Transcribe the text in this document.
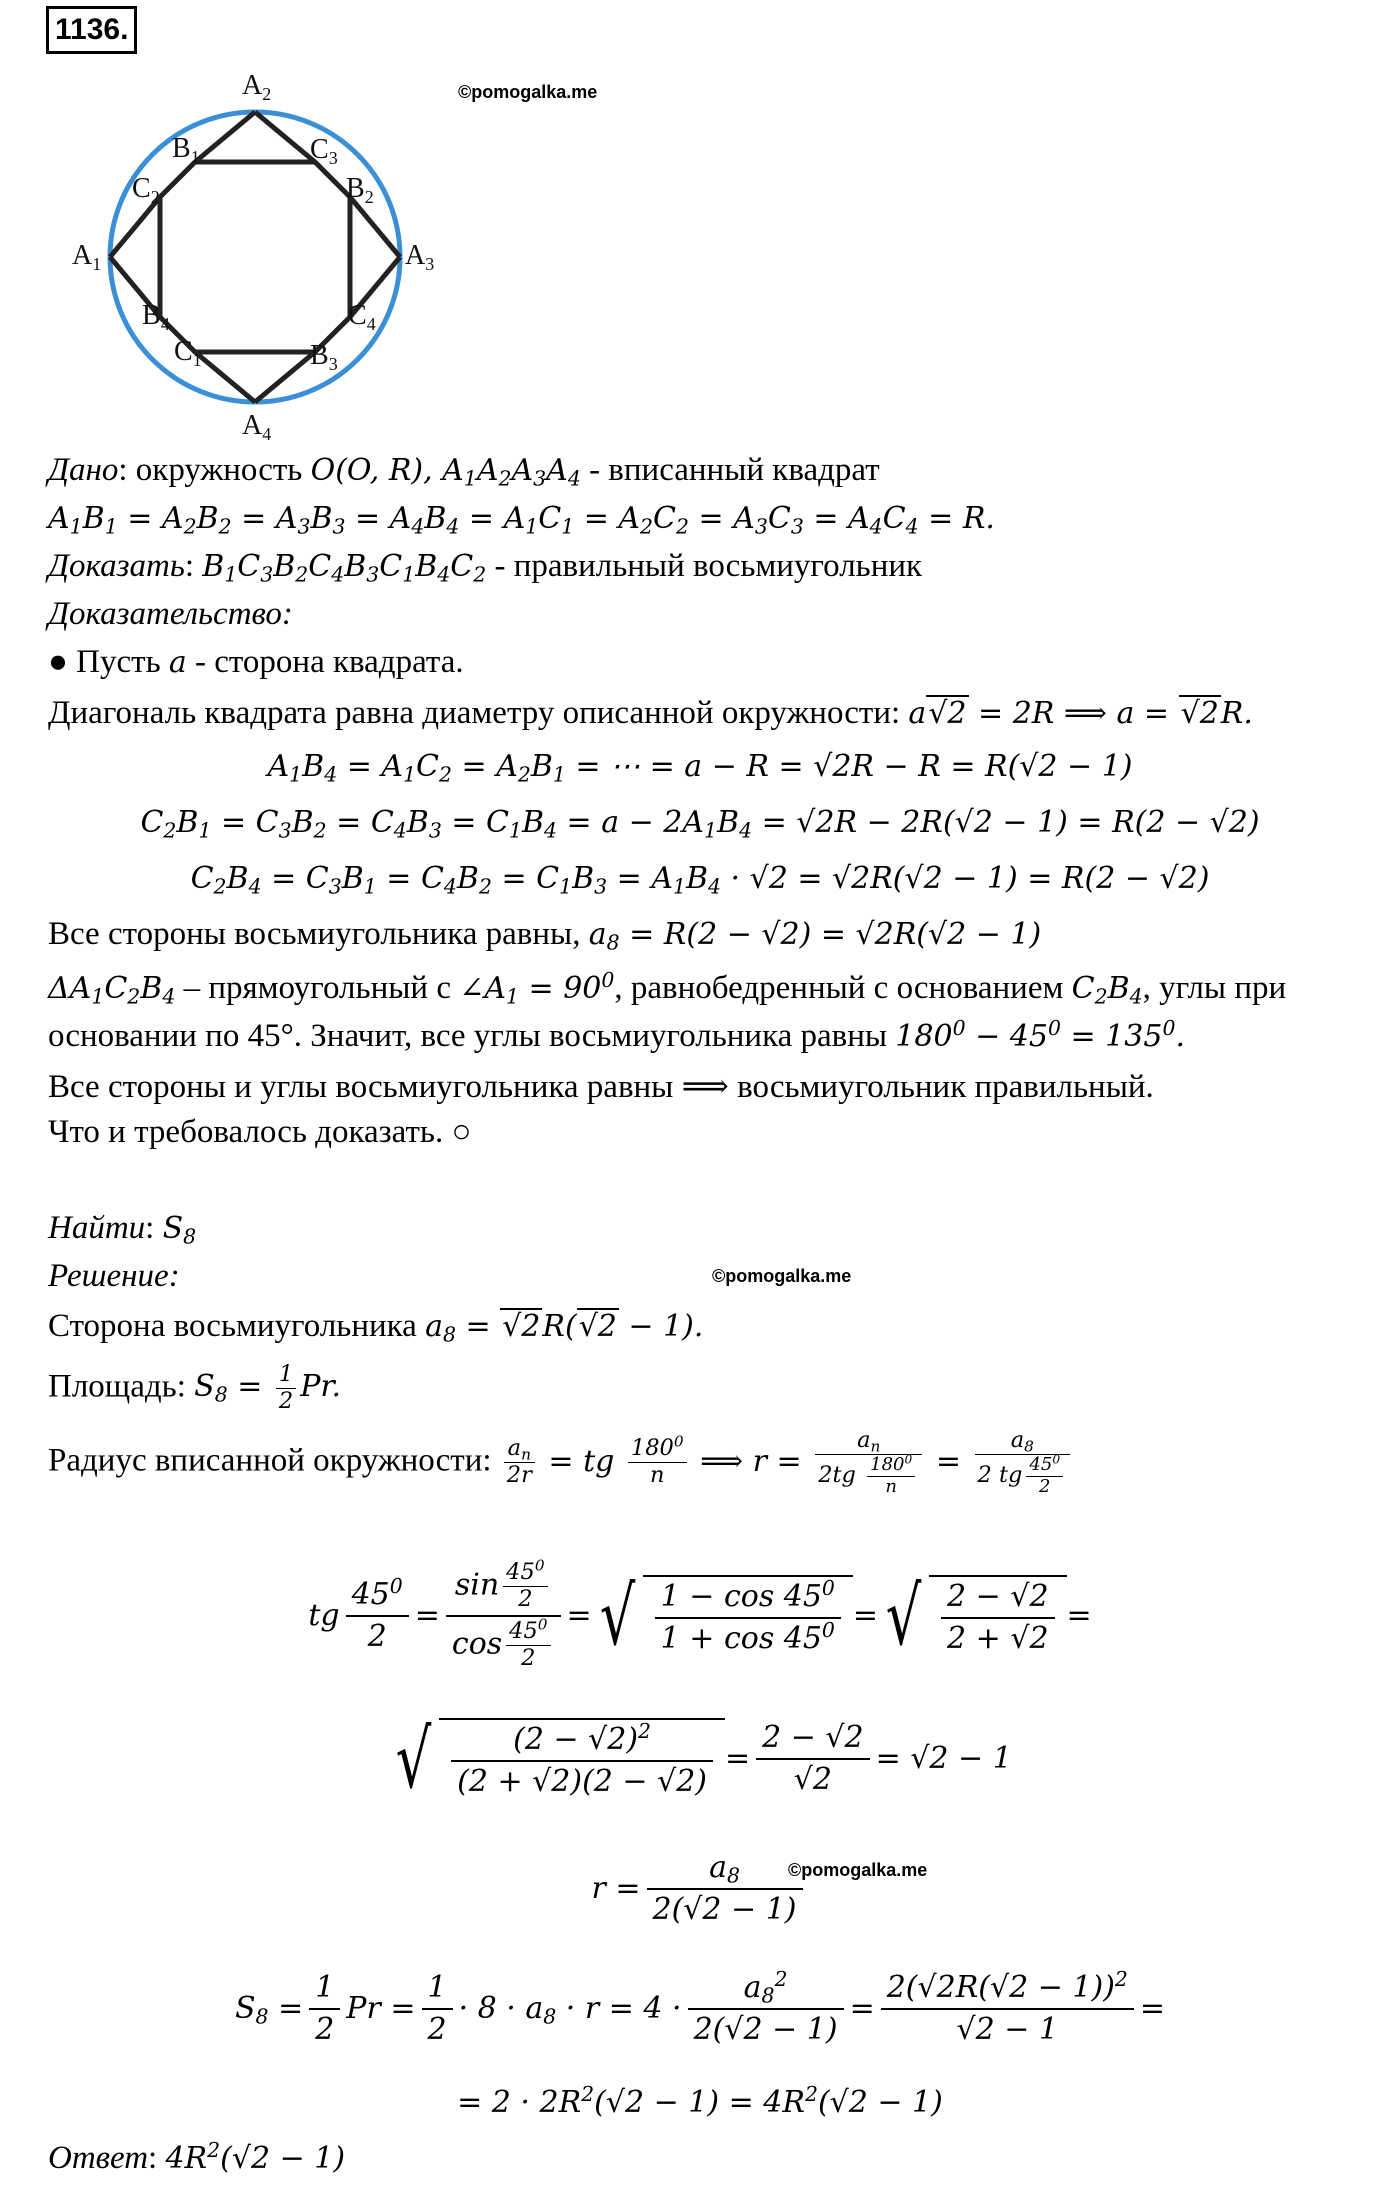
1136.
©pomogalka.me
$A_2$
$A_3$
$A_4$
$A_1$
$B_1$
$B_2$
$B_3$
$B_4$
$C_1$
$C_2$
$C_3$
$C_4$
Дано: окружность O(O, R), $A_1A_2A_3A_4$ - вписанный квадрат
$A_1B_1 = A_2B_2 = A_3B_3 = A_4B_4 = A_1C_1 = A_2C_2 = A_3C_3 = A_4C_4 = R$.
Доказать: $B_1C_3B_2C_4B_3C_1B_4C_2$ - правильный восьмиугольник
Доказательство:
● Пусть a - сторона квадрата.
Диагональ квадрата равна диаметру описанной окружности: a√2 = 2R ⟹ a = √2R.
$A_1B_4 = A_1C_2 = A_2B_1$ = ⋯ = a − R = √2R − R = R(√2 − 1)
$C_2B_1 = C_3B_2 = C_4B_3 = C_1B_4 = a - 2A_1B_4 = √2R - 2R(√2 - 1) = R(2 - √2)$
$C_2B_4 = C_3B_1 = C_4B_2 = C_1B_3 = A_1B_4 \cdot √2 = √2R(√2 - 1) = R(2 - √2)$
Все стороны восьмиугольника равны, $a_8 = R(2 - √2) = √2R(√2 - 1)$
$\Delta A_1C_2B_4$ – прямоугольный с $\angle A_1 = 90^0$, равнобедренный с основанием $C_2B_4$, углы при
основании по 45°. Значит, все углы восьмиугольника равны $180^0 - 45^0 = 135^0$.
Все стороны и углы восьмиугольника равны ⟹ восьмиугольник правильный.
Что и требовалось доказать. ○
Найти: $S_8$
Решение:	©pomogalka.me
Сторона восьмиугольника $a_8 = √2R(√2 - 1)$.
Площадь: $S_8 = \frac{1}{2} Pr$.
Радиус вписанной окружности: $\frac{a_n}{2r}$ = tg $\frac{180^0}{n}$ ⟹ $r = \frac{a_n}{2tg \frac{180^0}{n}} = \frac{a_8}{2 tg \frac{45^0}{2}}$
tg $\frac{45^0}{2} = \frac{\sin \frac{45^0}{2}}{\cos \frac{45^0}{2}}$ = √ $\frac{1 - \cos 45^0}{1 + \cos 45^0}$ = √ $\frac{2 - √2}{2 + √2}$ =
√ $\frac{(2 - √2)^2}{(2 + √2)(2 - √2)} = \frac{2 - √2}{√2} = √2 - 1$
$r = \frac{a_8}{2(√2 - 1)}$
©pomogalka.me
$S_8 = \frac{1}{2}$ $Pr = \frac{1}{2} \cdot 8 \cdot a_8 \cdot r = 4 \cdot \frac{a_8^2}{2(√2 - 1)} = \frac{2(√2R(√2 - 1))^2}{√2 - 1}$ =
= $2 \cdot 2R^2(√2 - 1) = 4R^2(√2 - 1)$
Ответ: $4R^2(√2 - 1)$
